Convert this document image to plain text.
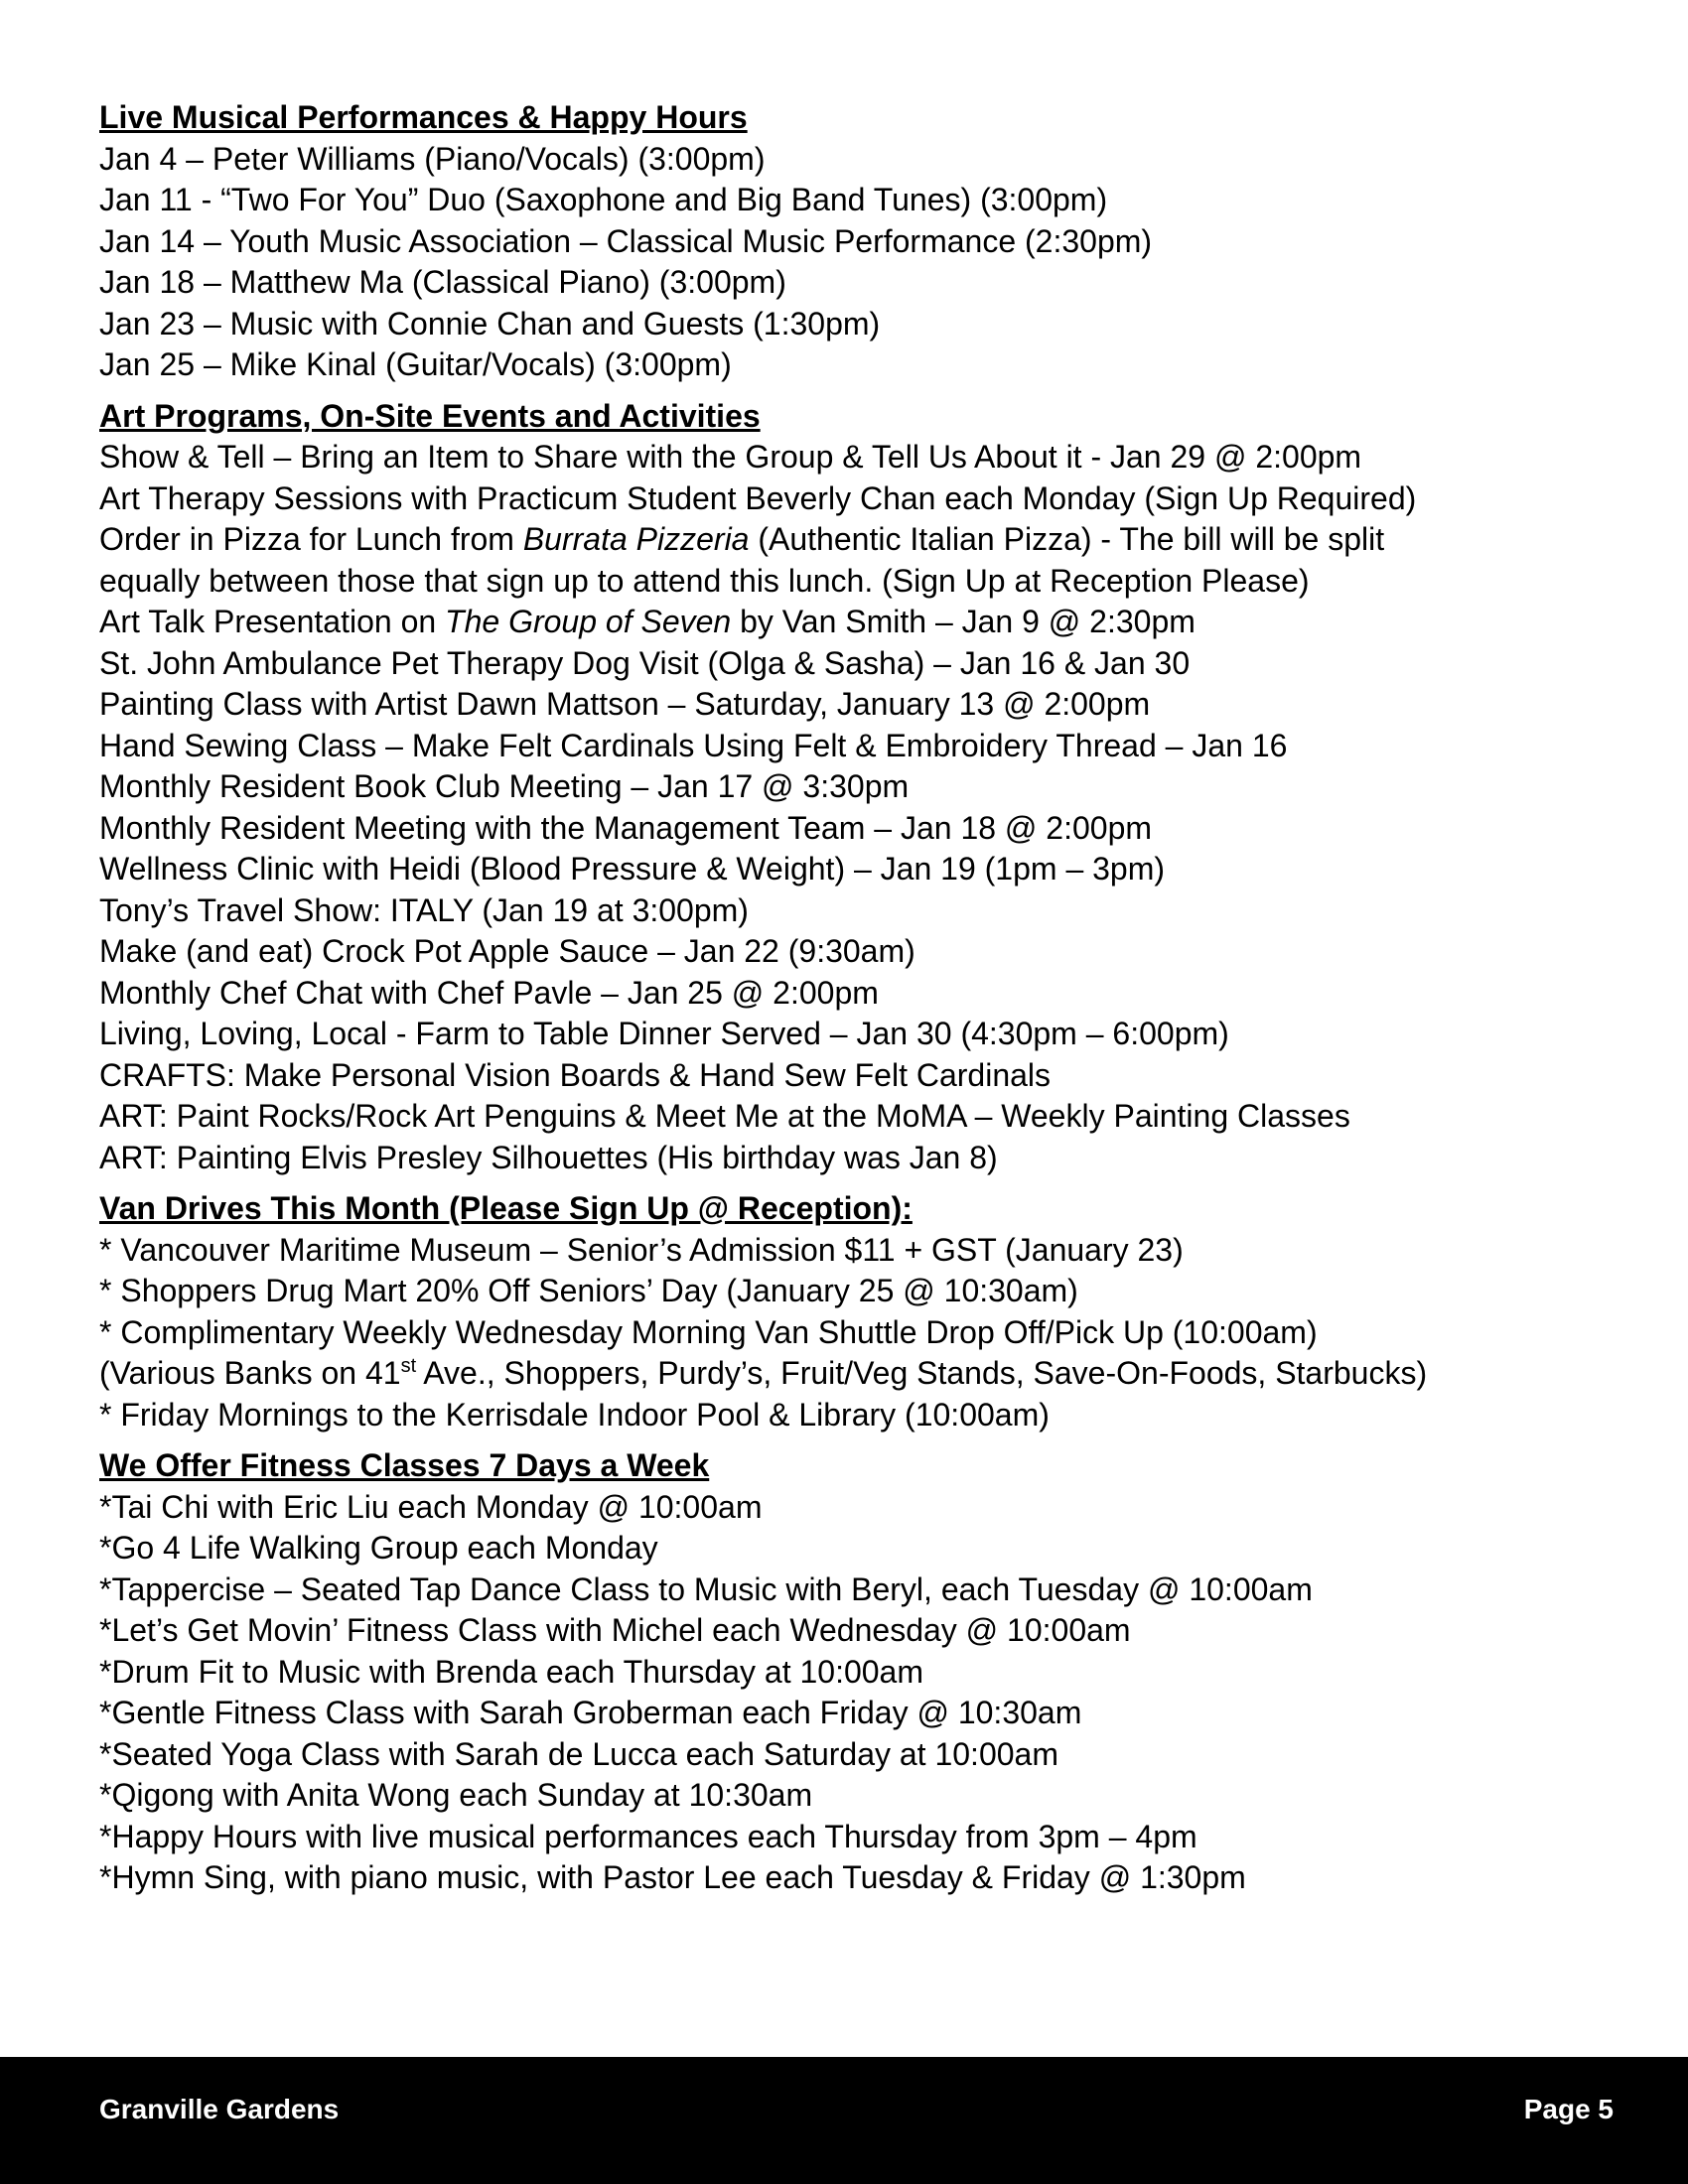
Live Musical Performances & Happy Hours
Jan 4 – Peter Williams (Piano/Vocals) (3:00pm)
Jan 11 - “Two For You” Duo (Saxophone and Big Band Tunes) (3:00pm)
Jan 14 – Youth Music Association – Classical Music Performance (2:30pm)
Jan 18 – Matthew Ma (Classical Piano) (3:00pm)
Jan 23 – Music with Connie Chan and Guests (1:30pm)
Jan 25 – Mike Kinal (Guitar/Vocals) (3:00pm)
Art Programs, On-Site Events and Activities
Show & Tell – Bring an Item to Share with the Group & Tell Us About it - Jan 29 @ 2:00pm
Art Therapy Sessions with Practicum Student Beverly Chan each Monday (Sign Up Required)
Order in Pizza for Lunch from Burrata Pizzeria (Authentic Italian Pizza) - The bill will be split
equally between those that sign up to attend this lunch. (Sign Up at Reception Please)
Art Talk Presentation on The Group of Seven by Van Smith – Jan 9 @ 2:30pm
St. John Ambulance Pet Therapy Dog Visit (Olga & Sasha) – Jan 16 & Jan 30
Painting Class with Artist Dawn Mattson – Saturday, January 13 @ 2:00pm
Hand Sewing Class – Make Felt Cardinals Using Felt & Embroidery Thread – Jan 16
Monthly Resident Book Club Meeting – Jan 17 @ 3:30pm
Monthly Resident Meeting with the Management Team – Jan 18 @ 2:00pm
Wellness Clinic with Heidi (Blood Pressure & Weight) – Jan 19 (1pm – 3pm)
Tony’s Travel Show: ITALY (Jan 19 at 3:00pm)
Make (and eat) Crock Pot Apple Sauce – Jan 22 (9:30am)
Monthly Chef Chat with Chef Pavle – Jan 25 @ 2:00pm
Living, Loving, Local - Farm to Table Dinner Served – Jan 30 (4:30pm – 6:00pm)
CRAFTS: Make Personal Vision Boards & Hand Sew Felt Cardinals
ART: Paint Rocks/Rock Art Penguins & Meet Me at the MoMA – Weekly Painting Classes
ART: Painting Elvis Presley Silhouettes (His birthday was Jan 8)
Van Drives This Month (Please Sign Up @ Reception):
* Vancouver Maritime Museum – Senior’s Admission $11 + GST (January 23)
* Shoppers Drug Mart 20% Off Seniors’ Day (January 25 @ 10:30am)
* Complimentary Weekly Wednesday Morning Van Shuttle Drop Off/Pick Up (10:00am)
(Various Banks on 41st Ave., Shoppers, Purdy’s, Fruit/Veg Stands, Save-On-Foods, Starbucks)
* Friday Mornings to the Kerrisdale Indoor Pool & Library (10:00am)
We Offer Fitness Classes 7 Days a Week
*Tai Chi with Eric Liu each Monday @ 10:00am
*Go 4 Life Walking Group each Monday
*Tappercise – Seated Tap Dance Class to Music with Beryl, each Tuesday @ 10:00am
*Let’s Get Movin’ Fitness Class with Michel each Wednesday @ 10:00am
*Drum Fit to Music with Brenda each Thursday at 10:00am
*Gentle Fitness Class with Sarah Groberman each Friday @ 10:30am
*Seated Yoga Class with Sarah de Lucca each Saturday at 10:00am
*Qigong with Anita Wong each Sunday at 10:30am
*Happy Hours with live musical performances each Thursday from 3pm – 4pm
*Hymn Sing, with piano music, with Pastor Lee each Tuesday & Friday @ 1:30pm
Granville Gardens	Page 5
